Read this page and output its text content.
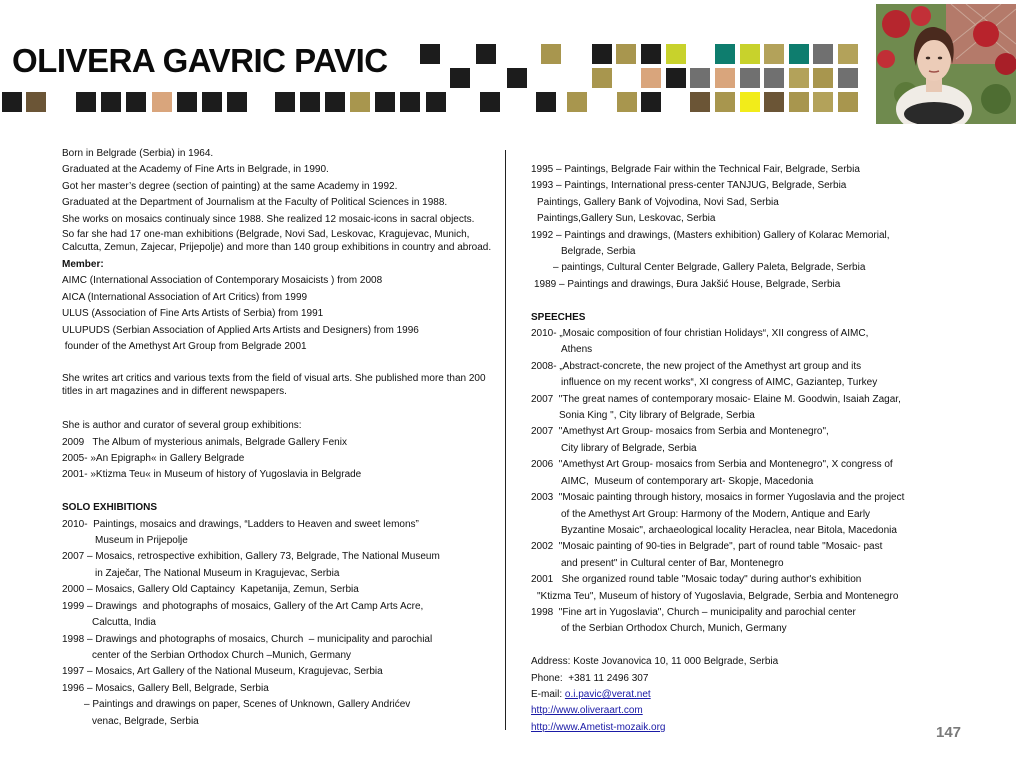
OLIVERA GAVRIC PAVIC
Born in Belgrade (Serbia) in 1964.
Graduated at the Academy of Fine Arts in Belgrade, in 1990.
Got her master’s degree (section of painting) at the same Academy in 1992.
Graduated at the Department of Journalism at the Faculty of Political Sciences in 1988.
She works on mosaics continualy since 1988. She realized 12 mosaic-icons in sacral objects.
So far she had 17 one-man exhibitions (Belgrade, Novi Sad, Leskovac, Kragujevac, Munich, Calcutta, Zemun, Zajecar, Prijepolje) and more than 140 group exhibitions in country and abroad.
Member:
AIMC (International Association of Contemporary Mosaicists ) from 2008
AICA (International Association of Art Critics) from 1999
ULUS (Association of Fine Arts Artists of Serbia) from 1991
ULUPUDS (Serbian Association of Applied Arts Artists and Designers) from 1996
founder of the Amethyst Art Group from Belgrade 2001
She writes art critics and various texts from the field of visual arts. She published more than 200 titles in art magazines and in different newspapers.
She is author and curator of several group exhibitions:
2009   The Album of mysterious animals, Belgrade Gallery Fenix
2005- »An Epigraph« in Gallery Belgrade
2001- »Ktizma Teu« in Museum of history of Yugoslavia in Belgrade
SOLO EXHIBITIONS
2010-  Paintings, mosaics and drawings, “Ladders to Heaven and sweet lemons”
Museum in Prijepolje
2007 – Mosaics, retrospective exhibition, Gallery 73, Belgrade, The National Museum
in Zaječar, The National Museum in Kragujevac, Serbia
2000 – Mosaics, Gallery Old Captaincy  Kapetanija, Zemun, Serbia
1999 – Drawings  and photographs of mosaics, Gallery of the Art Camp Arts Acre,
Calcutta, India
1998 – Drawings and photographs of mosaics, Church  – municipality and parochial
center of the Serbian Orthodox Church –Munich, Germany
1997 – Mosaics, Art Gallery of the National Museum, Kragujevac, Serbia
1996 – Mosaics, Gallery Bell, Belgrade, Serbia
– Paintings and drawings on paper, Scenes of Unknown, Gallery Andrićev
venac, Belgrade, Serbia
1995 – Paintings, Belgrade Fair within the Technical Fair, Belgrade, Serbia
1993 – Paintings, International press-center TANJUG, Belgrade, Serbia
Paintings, Gallery Bank of Vojvodina, Novi Sad, Serbia
Paintings,Gallery Sun, Leskovac, Serbia
1992 – Paintings and drawings, (Masters exhibition) Gallery of Kolarac Memorial,
Belgrade, Serbia
– paintings, Cultural Center Belgrade, Gallery Paleta, Belgrade, Serbia
1989 – Paintings and drawings, Đura Jakšić House, Belgrade, Serbia
SPEECHES
2010- „Mosaic composition of four christian Holidays“, XII congress of AIMC,
Athens
2008- „Abstract-concrete, the new project of the Amethyst art group and its
influence on my recent works“, XI congress of AIMC, Gaziantep, Turkey
2007  "The great names of contemporary mosaic- Elaine M. Goodwin, Isaiah Zagar,
Sonia King ", City library of Belgrade, Serbia
2007  "Amethyst Art Group- mosaics from Serbia and Montenegro",
City library of Belgrade, Serbia
2006  "Amethyst Art Group- mosaics from Serbia and Montenegro", X congress of
AIMC,  Museum of contemporary art- Skopje, Macedonia
2003  "Mosaic painting through history, mosaics in former Yugoslavia and the project
of the Amethyst Art Group: Harmony of the Modern, Antique and Early
Byzantine Mosaic", archaeological locality Heraclea, near Bitola, Macedonia
2002  "Mosaic painting of 90-ties in Belgrade", part of round table "Mosaic- past
and present" in Cultural center of Bar, Montenegro
2001   She organized round table "Mosaic today" during author's exhibition
"Ktizma Teu", Museum of history of Yugoslavia, Belgrade, Serbia and Montenegro
1998  "Fine art in Yugoslavia", Church – municipality and parochial center
of the Serbian Orthodox Church, Munich, Germany
Address: Koste Jovanovica 10, 11 000 Belgrade, Serbia
Phone:  +381 11 2496 307
E-mail: o.i.pavic@verat.net
http://www.oliveraart.com
http://www.Ametist-mozaik.org	147
